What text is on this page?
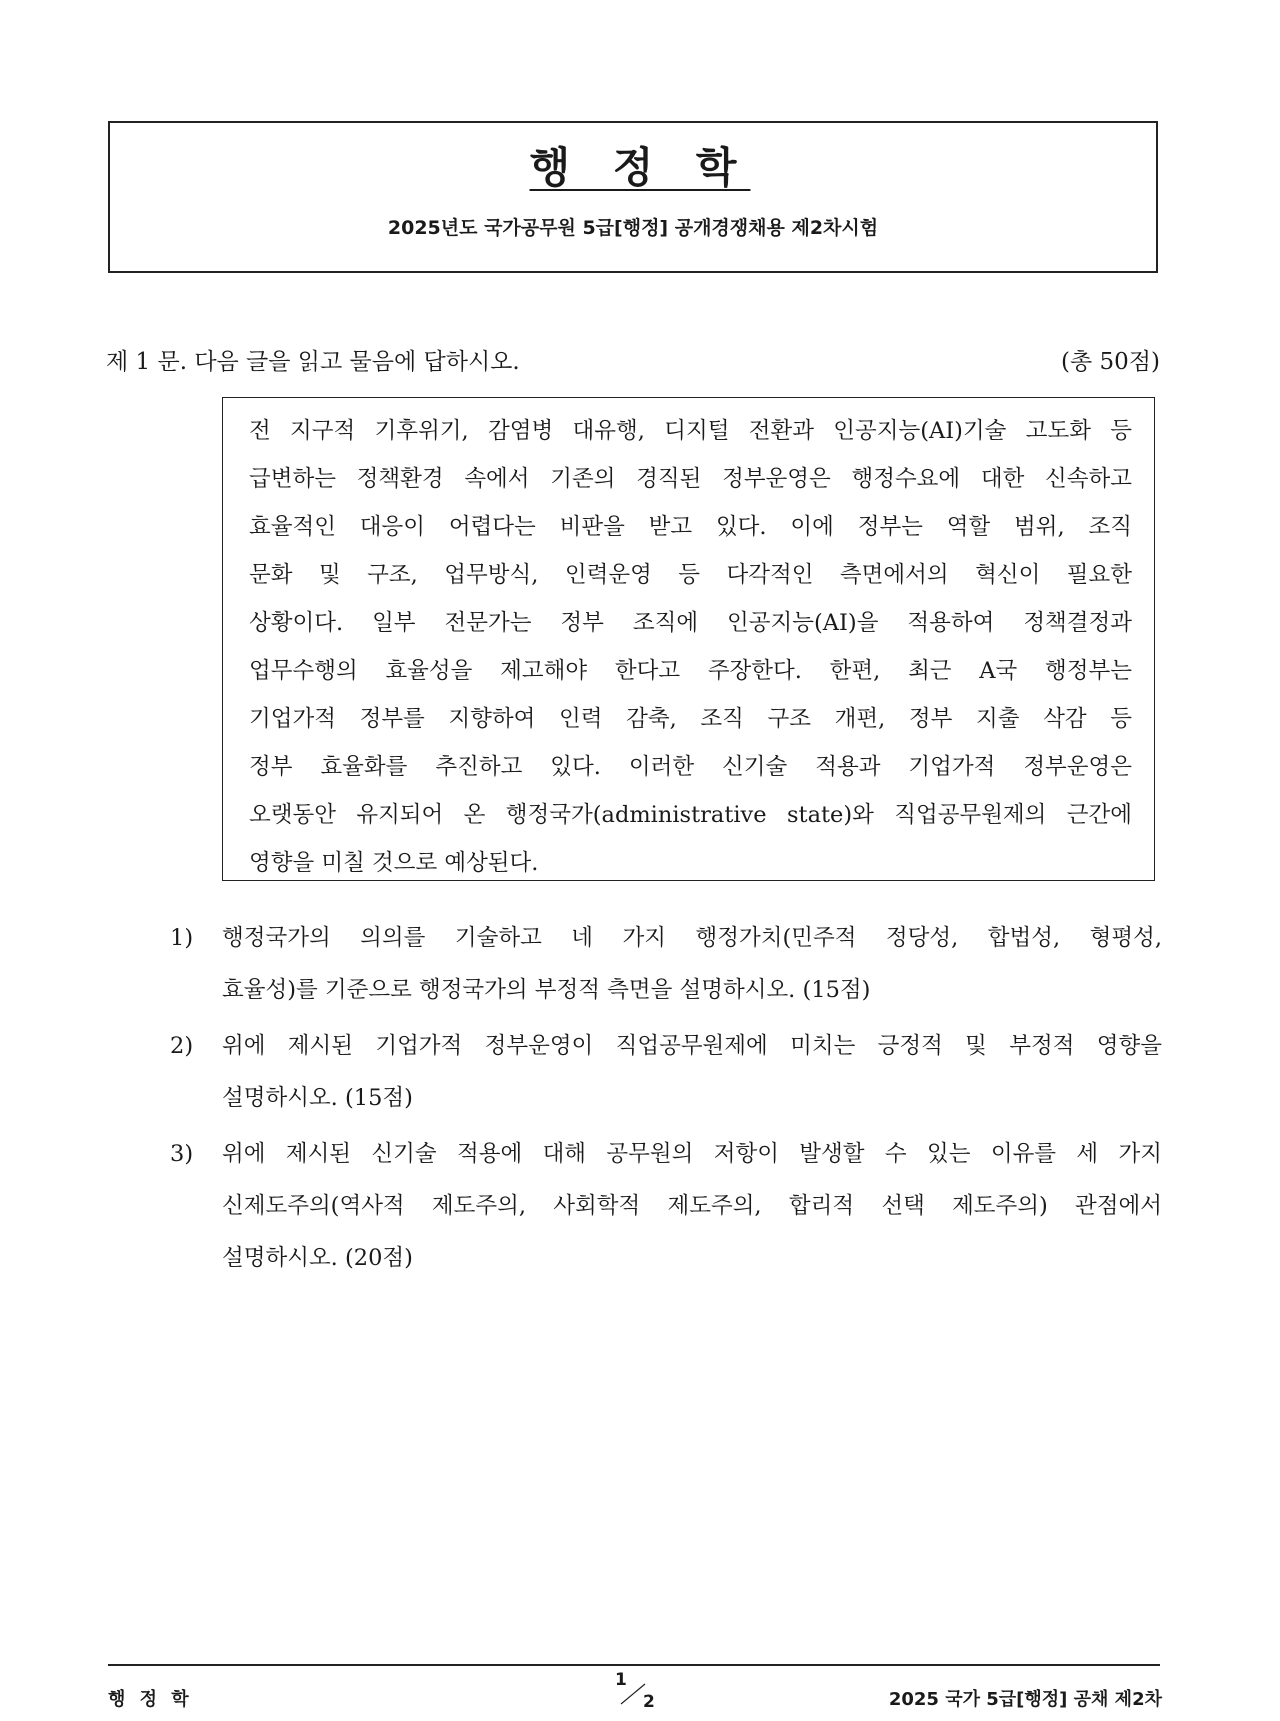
행 정 학
2025년도 국가공무원 5급[행정] 공개경쟁채용 제2차시험
제 1 문. 다음 글을 읽고 물음에 답하시오.	(총 50점)
전 지구적 기후위기, 감염병 대유행, 디지털 전환과 인공지능(AI)기술 고도화 등
급변하는 정책환경 속에서 기존의 경직된 정부운영은 행정수요에 대한 신속하고
효율적인 대응이 어렵다는 비판을 받고 있다. 이에 정부는 역할 범위, 조직
문화 및 구조, 업무방식, 인력운영 등 다각적인 측면에서의 혁신이 필요한
상황이다. 일부 전문가는 정부 조직에 인공지능(AI)을 적용하여 정책결정과
업무수행의 효율성을 제고해야 한다고 주장한다. 한편, 최근 A국 행정부는
기업가적 정부를 지향하여 인력 감축, 조직 구조 개편, 정부 지출 삭감 등
정부 효율화를 추진하고 있다. 이러한 신기술 적용과 기업가적 정부운영은
오랫동안 유지되어 온 행정국가(administrative state)와 직업공무원제의 근간에
영향을 미칠 것으로 예상된다.
1) 행정국가의 의의를 기술하고 네 가지 행정가치(민주적 정당성, 합법성, 형평성,
효율성)를 기준으로 행정국가의 부정적 측면을 설명하시오. (15점)
2) 위에 제시된 기업가적 정부운영이 직업공무원제에 미치는 긍정적 및 부정적 영향을
설명하시오. (15점)
3) 위에 제시된 신기술 적용에 대해 공무원의 저항이 발생할 수 있는 이유를 세 가지
신제도주의(역사적 제도주의, 사회학적 제도주의, 합리적 선택 제도주의) 관점에서
설명하시오. (20점)
행 정 학
1
2	2025 국가 5급[행정] 공채 제2차
